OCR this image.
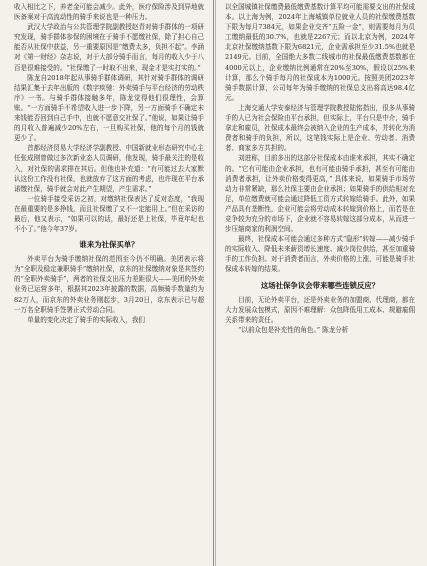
收入相比之下，养老金可能会减少。此外，医疗保险涉及到异地就医备案对于高流动性的骑手来说也是一种压力。

武汉大学政治与公共管理学院副教授赵青对骑手群体的一项研究发现，骑手群体参保的困境在于骑手不愿缴社保，除了担心自己能否从社保中获益，另一重要原因是“缴费太多，负担不起”。李涵对《第一财经》杂志说，对于大部分骑手而言，每月的收入少于八百是很难接受的。“社保缴了一时取不出来，现金才是实打实的。”

陈龙自2018年起从事骑手群体调研，其针对骑手群体的调研结果汇集于去年出版的《数字疾驰：外卖骑手与平台经济的劳动秩序》一书。与骑手群体接触多年，陈龙觉得他们很理性，会算账。“一方面骑手不希望收入进一步下降，另一方面骑手不确定未来钱能否回到自己手中，也就不愿意交社保了。”他说，如果让骑手的月收入普遍减少20%左右，一旦购买社保，他的每个月的钱就更少了。

首都经济贸易大学经济学副教授、中国新就业形态研究中心主任张成刚曾做过多次新业态人员调研，他发现，骑手最关注的是收入，对社保的需求排在其后。但他也补充道：“有可能过去大家默认这份工作没有社保，也就放弃了这方面的考虑，也许现在平台承诺缴社保，骑手就会对此产生期望，产生需求。”

一位骑手接受采访之初，对缴纳社保表达了反对态度，“我现在最重要的是多挣钱，而且社保缴了又不一定能用上。”但在采访的最后，他又表示，“如果可以的话，最好还是上社保，毕竟年纪也不小了。”他今年37岁。

谁来为社保买单？

外卖平台为骑手缴纳社保的范围至今仍不明确。美团表示将为“全职及稳定兼职骑手”缴纳社保，京东的社保缴纳对象是其签约的“全职外卖骑手”，两者的社保支出压力差距很大——美团的外卖业务已运营多年，根据其2023年披露的数据，高频骑手数量约为82万人，而京东的外卖业务刚起步，3月20日，京东表示已与超一万名全职骑手签署正式劳动合同。

单量的变化决定了骑手的实际收入，我们

以全国城镇社保缴费最低缴费基数计算平均可能需要支出的社保成本。以上海为例，2024年上海城镇单位就业人员的社保缴费基数下限为每月7384元，如果企业交齐“五险一金”，则需要每月为员工缴纳最低的30.7%，也就是2267元；而以北京为例，2024年北京社保缴纳基数下限为6821元，企业需承担至少31.5%也就是2149元。目前，全国绝大多数二线城市的社保最低缴费基数都在4000元以上，企业缴纳比例通常在20%至30%，假设以25%来计算，那么个骑手每月的社保成本为1000元。按照美团2023年骑手数据计算，公司每年为骑手缴纳的社保总支出将高达98.4亿元。

上海交通大学安泰经济与管理学院教授陆铭指出，很多从事骑手的人已为社会保险由平台承担，但实际上，平台只是中介，骑手拿走和雇员，社保成本最终会被纳入企业的生产成本，并转化为消费者和骑手的负担，所以，这笔钱实际上是企业、劳动者、消费者、商家多方共担的。

刘进称，目前多出的这部分社保成本由谁来承担，其实不确定的。“它有可能由企业承担，也有可能由骑手承担，甚至有可能由消费者承担，让外卖价格变得更高，” 具体来说，如果骑手市场劳动力非常紧缺，那么社保主要由企业承担；如果骑手的供给相对充足，单位缴费就可能会通过降低工资方式转嫁给骑手。此外，如果产品具有垄断性，企业可能会将劳动成本转嫁到价格上，而若是在竞争较为充分的市场下，企业就不容易转嫁这部分成本，从而进一步压缩商家的利润空间。

最终，社保成本可能会通过多种方式“隐形”转嫁——减少骑手的实际收入、降低未来薪资增长速度、减少岗位供给，甚至加重骑手的工作负担。对于消费者而言，外卖价格的上涨，可能是骑手社保成本转嫁的结果。

这场社保争议会带来哪些连锁反应？

目前，无论外卖平台，还是外卖业务的加盟商、代理商，都在大力发展众包模式，原因不难理解：众包降低用工成本、规避雇佣关系带来的责任。

“以前众包是补充性的角色。” 陈龙分析
